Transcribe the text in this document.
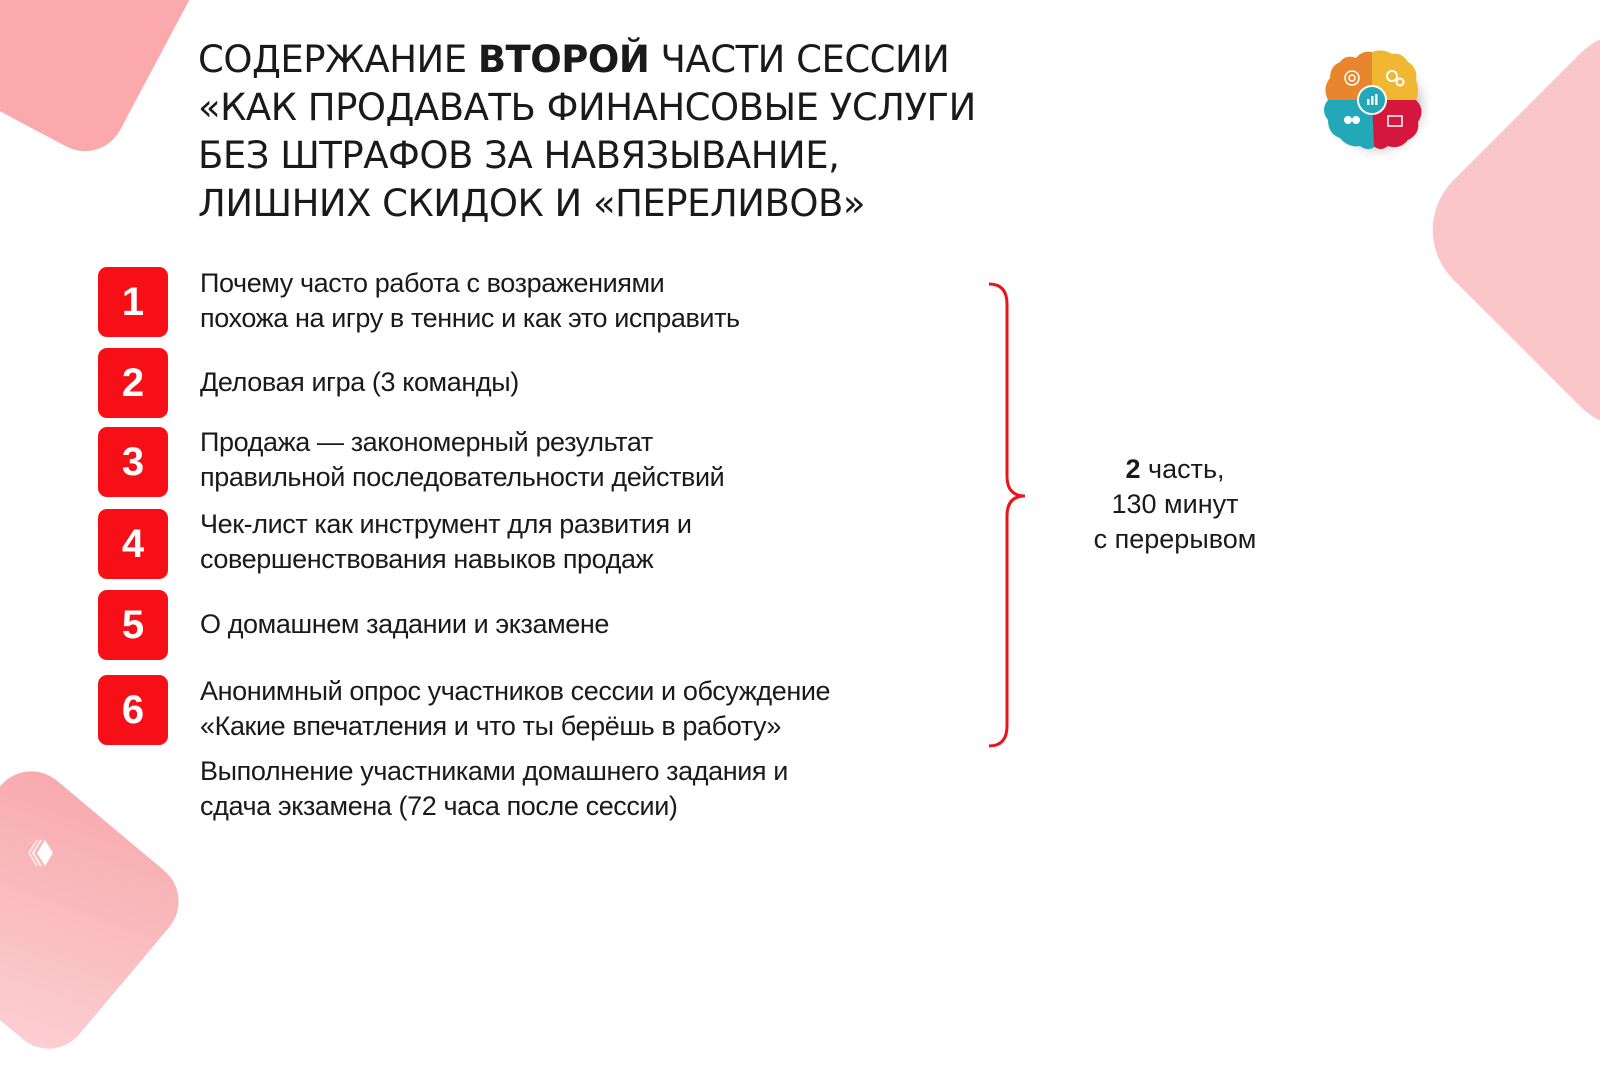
СОДЕРЖАНИЕ ВТОРОЙ ЧАСТИ СЕССИИ
«КАК ПРОДАВАТЬ ФИНАНСОВЫЕ УСЛУГИ
БЕЗ ШТРАФОВ ЗА НАВЯЗЫВАНИЕ,
ЛИШНИХ СКИДОК И «ПЕРЕЛИВОВ»
1	Почему часто работа с возражениями
похожа на игру в теннис и как это исправить
2	Деловая игра (3 команды)
3	Продажа — закономерный результат
правильной последовательности действий
4	Чек-лист как инструмент для развития и
совершенствования навыков продаж
5	О домашнем задании и экзамене
6	Анонимный опрос участников сессии и обсуждение
«Какие впечатления и что ты берёшь в работу»
Выполнение участниками домашнего задания и
сдача экзамена (72 часа после сессии)
2 часть,
130 минут
с перерывом
